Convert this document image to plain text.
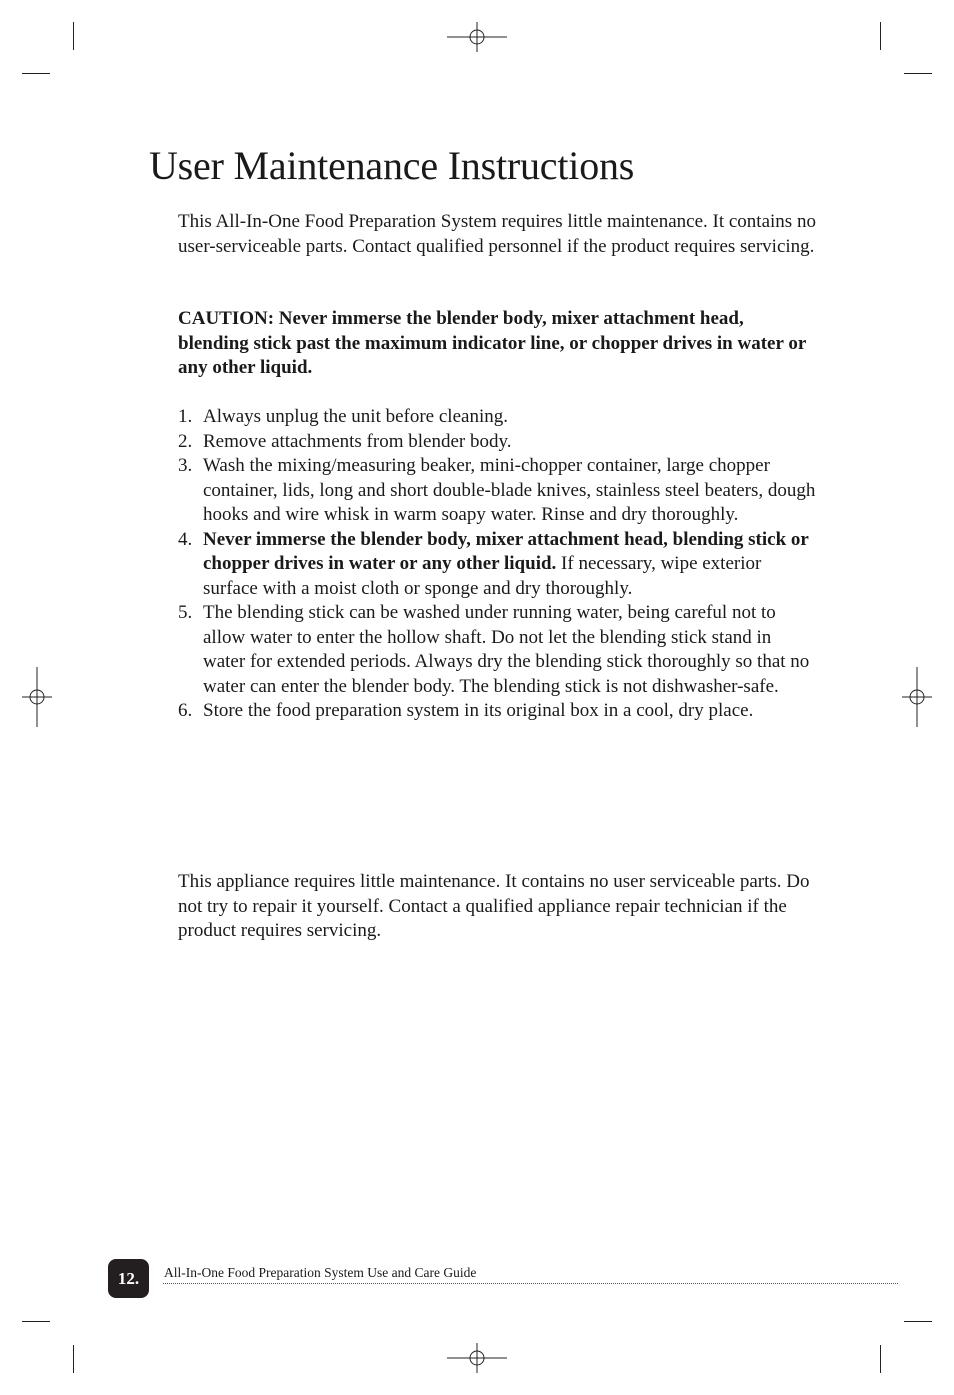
User Maintenance Instructions

This All-In-One Food Preparation System requires little maintenance. It contains no user-serviceable parts. Contact qualified personnel if the product requires servicing.

CAUTION: Never immerse the blender body, mixer attachment head, blending stick past the maximum indicator line, or chopper drives in water or any other liquid.

1. Always unplug the unit before cleaning.
2. Remove attachments from blender body.
3. Wash the mixing/measuring beaker, mini-chopper container, large chopper container, lids, long and short double-blade knives, stainless steel beaters, dough hooks and wire whisk in warm soapy water. Rinse and dry thoroughly.
4. Never immerse the blender body, mixer attachment head, blending stick or chopper drives in water or any other liquid. If necessary, wipe exterior surface with a moist cloth or sponge and dry thoroughly.
5. The blending stick can be washed under running water, being careful not to allow water to enter the hollow shaft. Do not let the blending stick stand in water for extended periods. Always dry the blending stick thoroughly so that no water can enter the blender body. The blending stick is not dishwasher-safe.
6. Store the food preparation system in its original box in a cool, dry place.

This appliance requires little maintenance. It contains no user serviceable parts. Do not try to repair it yourself. Contact a qualified appliance repair technician if the product requires servicing.

12.	All-In-One Food Preparation System Use and Care Guide
